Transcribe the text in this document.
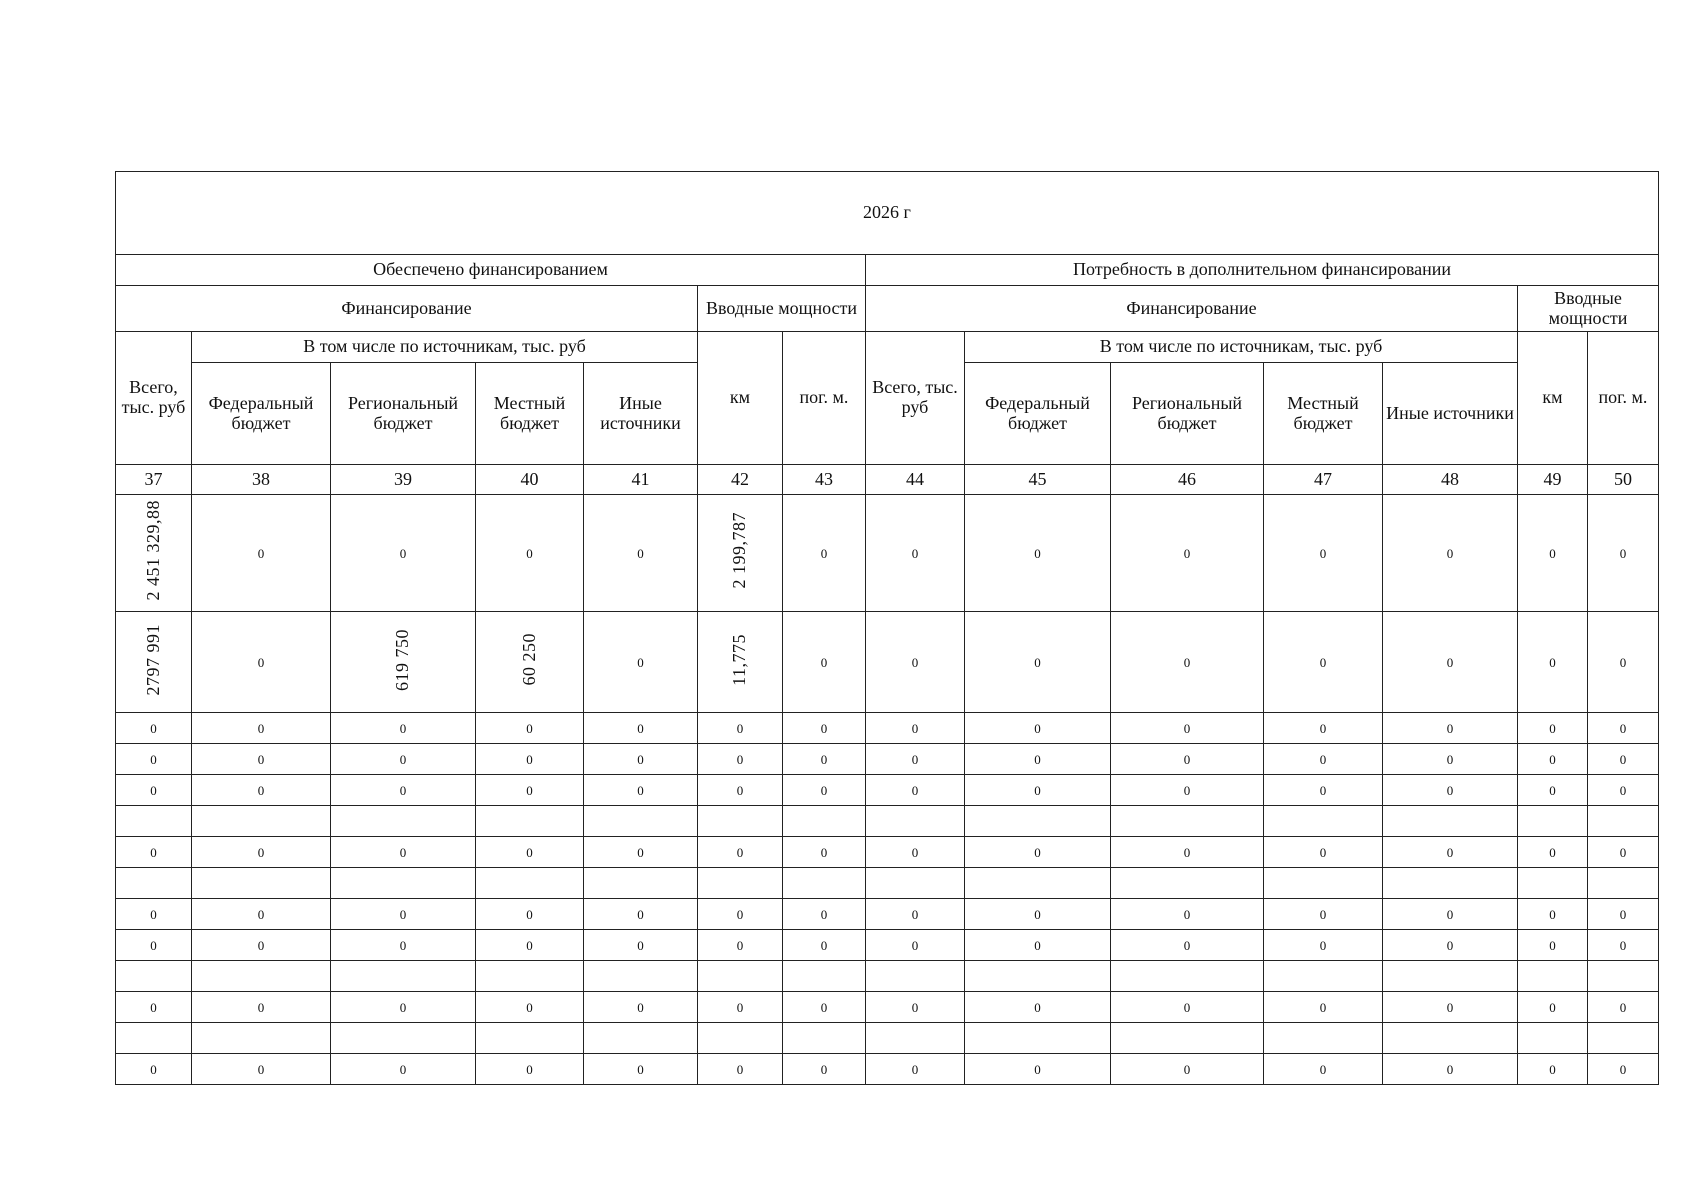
2026 г													
Обеспечено финансированием							Потребность в дополнительном финансировании						
Финансирование					Вводные мощности		Финансирование					Вводные мощности	
Всего, тыс. руб	В том числе по источникам, тыс. руб				км	пог. м.	Всего, тыс. руб	В том числе по источникам, тыс. руб				км	пог. м.
	Федеральный бюджет	Региональный бюджет	Местный бюджет	Иные источники				Федеральный бюджет	Региональный бюджет	Местный бюджет	Иные источники		
37	38	39	40	41	42	43	44	45	46	47	48	49	50
2 451 329,88	0	0	0	0	2 199,787	0	0	0	0	0	0	0	0
2797 991	0	619 750	60 250	0	11,775	0	0	0	0	0	0	0	0
0	0	0	0	0	0	0	0	0	0	0	0	0	0
0	0	0	0	0	0	0	0	0	0	0	0	0	0
0	0	0	0	0	0	0	0	0	0	0	0	0	0

0	0	0	0	0	0	0	0	0	0	0	0	0	0

0	0	0	0	0	0	0	0	0	0	0	0	0	0
0	0	0	0	0	0	0	0	0	0	0	0	0	0

0	0	0	0	0	0	0	0	0	0	0	0	0	0

0	0	0	0	0	0	0	0	0	0	0	0	0	0
